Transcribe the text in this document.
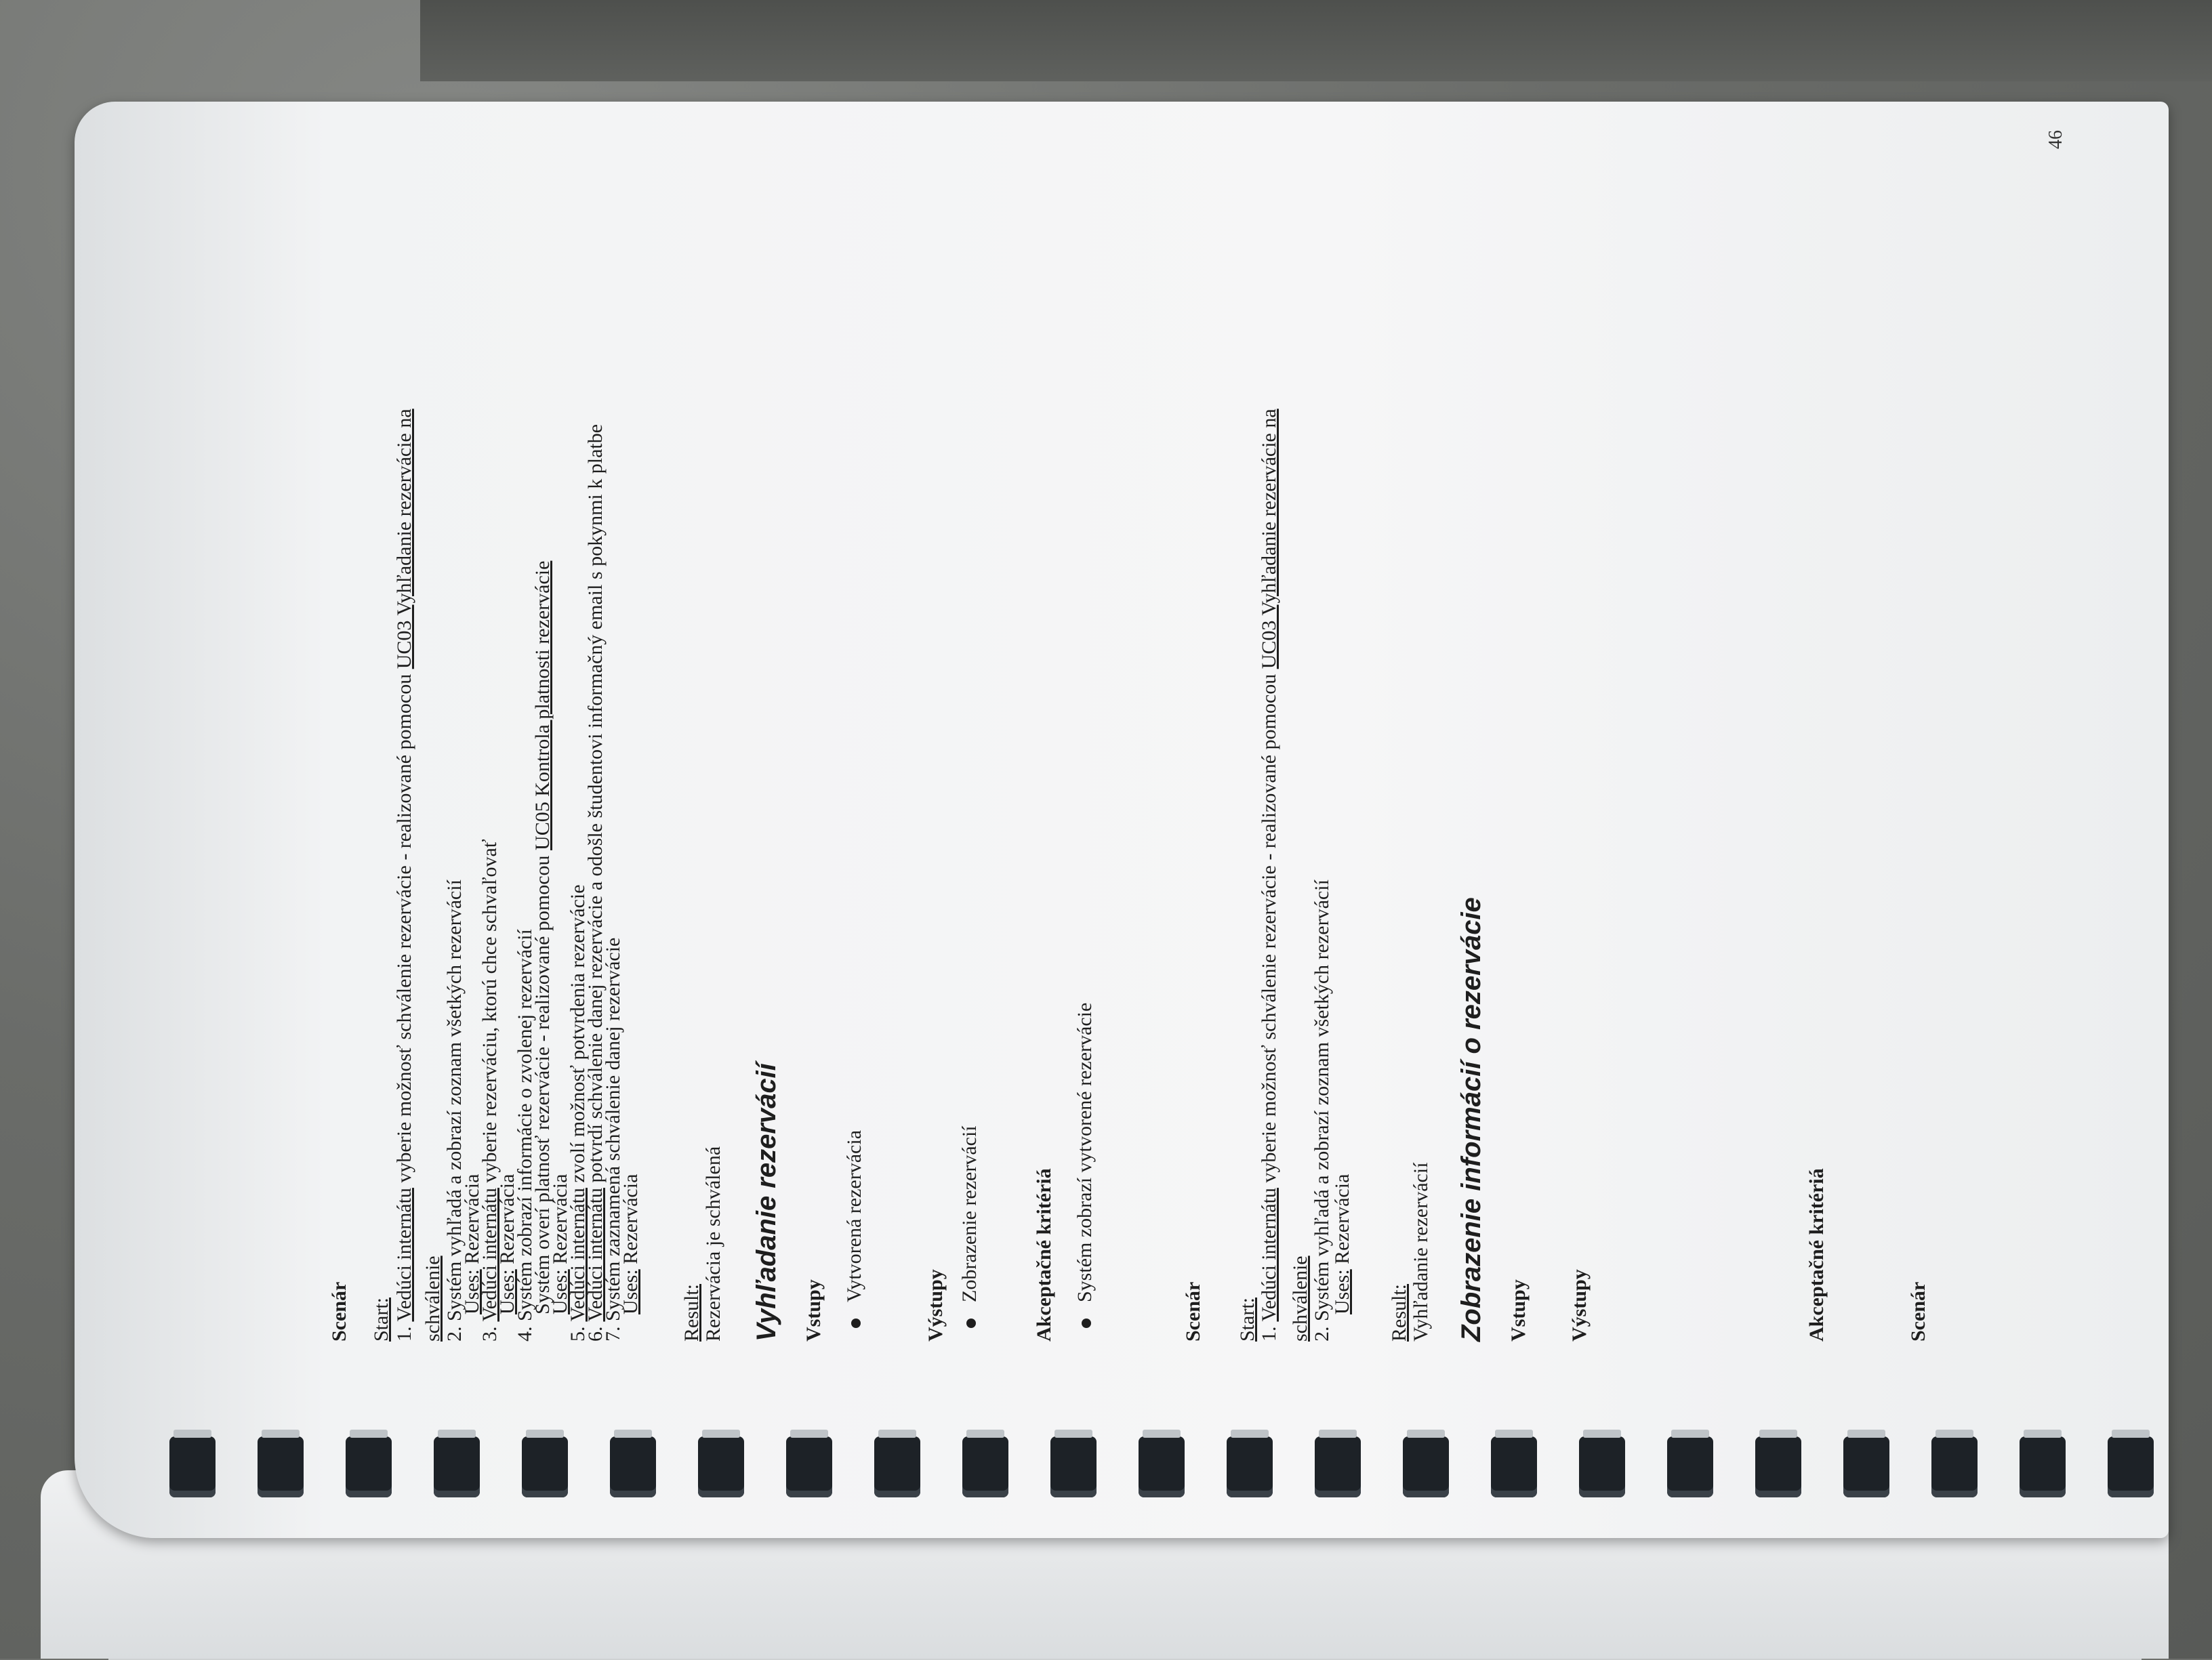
Scenár Start: 1. Vedúci internátu vyberie možnosť schválenie rezervácie - realizované pomocou UC03 Vyhľadanie rezervácie na
schválenie 2. Systém vyhľadá a zobrazí zoznam všetkých rezervácií
Uses: Rezervácia
3. Vedúci internátu vyberie rezerváciu, ktorú chce schvaľovať
Uses: Rezervácia
4. Systém zobrazí informácie o zvolenej rezervácií
Systém overí platnosť rezervácie - realizované pomocou UC05 Kontrola platnosti rezervácie
Uses: Rezervácia
5. Vedúci internátu zvolí možnosť potvrdenia rezervácie
6. Vedúci internátu potvrdí schválenie danej rezervácie a odošle študentovi informačný email s pokynmi k platbe
7. Systém zaznamená schválenie danej rezervácie
Uses: Rezervácia
Result: Rezervácia je schválená Vyhľadanie rezervácií Vstupy
Vytvorená rezervácia
Výstupy
Zobrazenie rezervácií	Akceptačné kritériá Systém zobrazí vytvorené rezervácie
Scenár Start: 1. Vedúci internátu vyberie možnosť schválenie rezervácie - realizované pomocou UC03 Vyhľadanie rezervácie na
schválenie 2. Systém vyhľadá a zobrazí zoznam všetkých rezervácií
Uses: Rezervácia
Result: Vyhľadanie rezervácií Zobrazenie informácií o rezervácie Vstupy Výstupy	Akceptačné kritériá	Scenár
46
